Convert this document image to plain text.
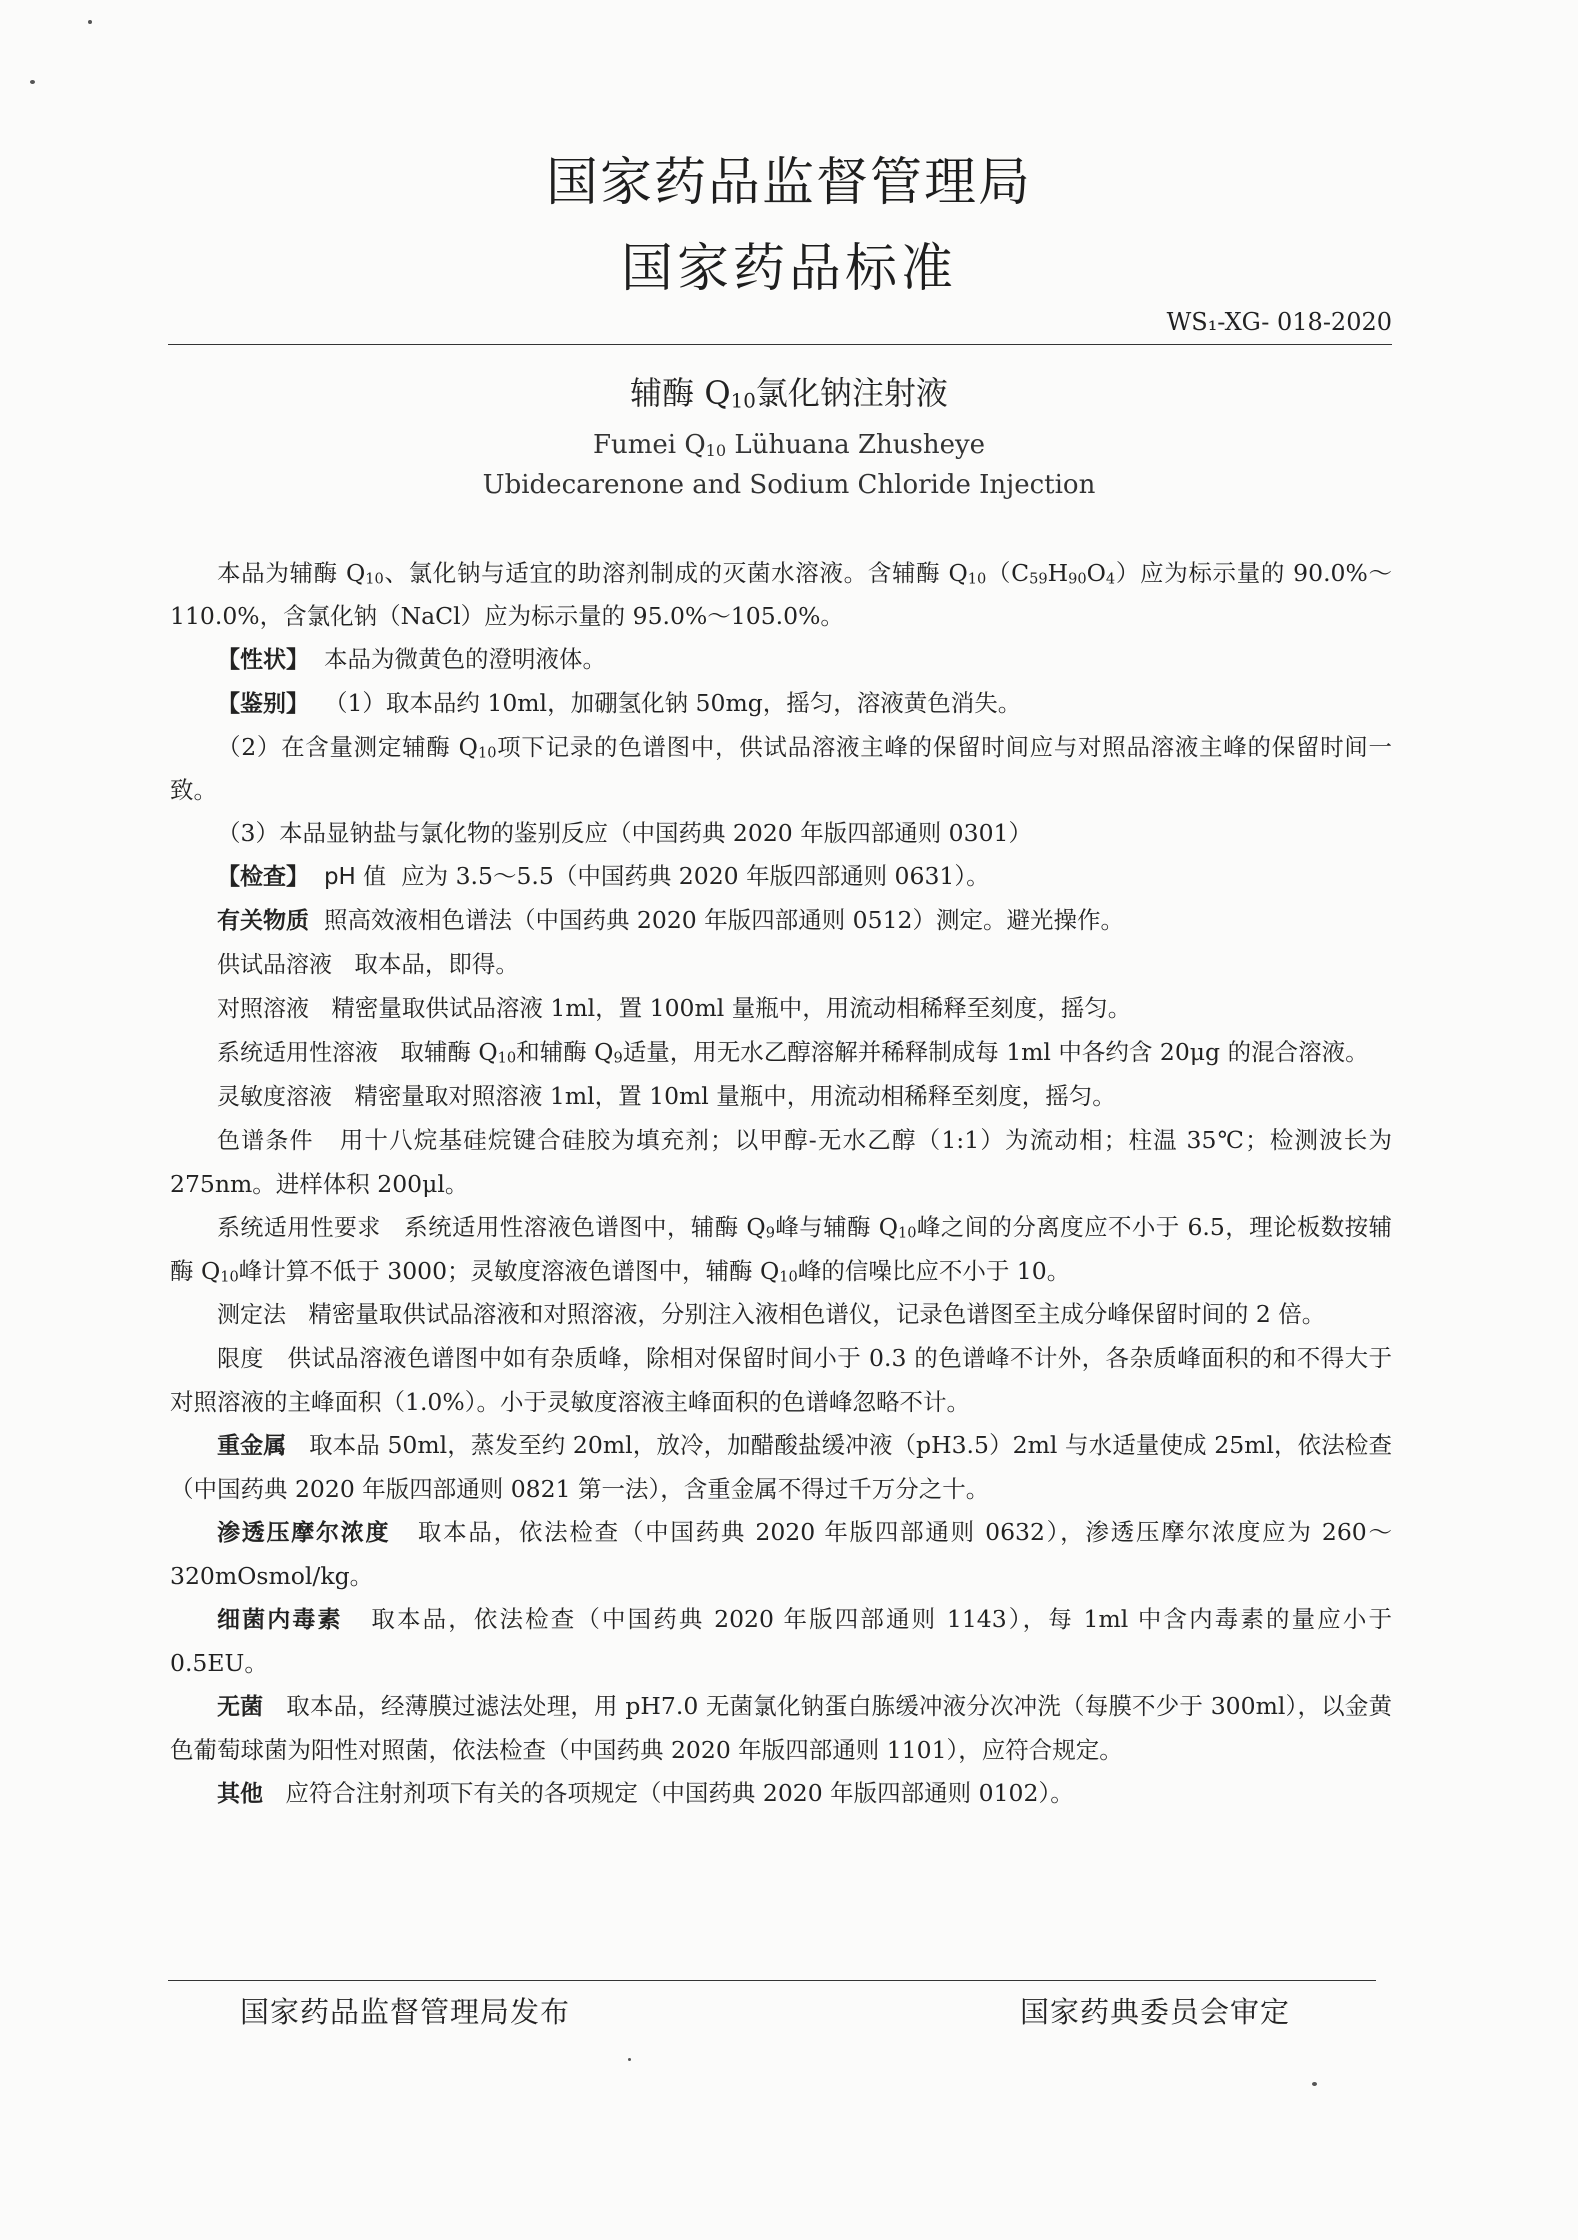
国家药品监督管理局
国家药品标准
WS₁-XG- 018-2020
辅酶 $Q_{10}$氯化钠注射液
Fumei $Q_{10}$ Lühuana Zhusheye
Ubidecarenone and Sodium Chloride Injection

本品为辅酶 $Q_{10}$、氯化钠与适宜的助溶剂制成的灭菌水溶液。含辅酶 $Q_{10}(C_{59}H_{90}O_4)$应为标示量的 90.0%～110.0%，含氯化钠（NaCl）应为标示量的 95.0%～105.0%。

【性状】 本品为微黄色的澄明液体。

【鉴别】 （1）取本品约 10ml，加硼氢化钠 50mg，摇匀，溶液黄色消失。

（2）在含量测定辅酶 $Q_{10}$项下记录的色谱图中，供试品溶液主峰的保留时间应与对照品溶液主峰的保留时间一致。

（3）本品显钠盐与氯化物的鉴别反应（中国药典 2020 年版四部通则 0301）

【检查】 pH 值 应为 3.5～5.5（中国药典 2020 年版四部通则 0631）。

有关物质 照高效液相色谱法（中国药典 2020 年版四部通则 0512）测定。避光操作。

供试品溶液 取本品，即得。

对照溶液 精密量取供试品溶液 1ml，置 100ml 量瓶中，用流动相稀释至刻度，摇匀。

系统适用性溶液 取辅酶 $Q_{10}$和辅酶 $Q_9$适量，用无水乙醇溶解并稀释制成每 1ml 中各约含 20μg 的混合溶液。

灵敏度溶液 精密量取对照溶液 1ml，置 10ml 量瓶中，用流动相稀释至刻度，摇匀。

色谱条件 用十八烷基硅烷键合硅胶为填充剂；以甲醇-无水乙醇（1:1）为流动相；柱温 35℃；检测波长为 275nm。进样体积 200μl。

系统适用性要求 系统适用性溶液色谱图中，辅酶 $Q_9$峰与辅酶 $Q_{10}$峰之间的分离度应不小于 6.5，理论板数按辅酶 $Q_{10}$峰计算不低于 3000；灵敏度溶液色谱图中，辅酶 $Q_{10}$峰的信噪比应不小于 10。

测定法 精密量取供试品溶液和对照溶液，分别注入液相色谱仪，记录色谱图至主成分峰保留时间的 2 倍。

限度 供试品溶液色谱图中如有杂质峰，除相对保留时间小于 0.3 的色谱峰不计外，各杂质峰面积的和不得大于对照溶液的主峰面积（1.0%）。小于灵敏度溶液主峰面积的色谱峰忽略不计。

重金属 取本品 50ml，蒸发至约 20ml，放冷，加醋酸盐缓冲液（pH3.5）2ml 与水适量使成 25ml，依法检查（中国药典 2020 年版四部通则 0821 第一法），含重金属不得过千万分之十。

渗透压摩尔浓度 取本品，依法检查（中国药典 2020 年版四部通则 0632），渗透压摩尔浓度应为 260～320mOsmol/kg。

细菌内毒素 取本品，依法检查（中国药典 2020 年版四部通则 1143），每 1ml 中含内毒素的量应小于 0.5EU。

无菌 取本品，经薄膜过滤法处理，用 pH7.0 无菌氯化钠蛋白胨缓冲液分次冲洗（每膜不少于 300ml），以金黄色葡萄球菌为阳性对照菌，依法检查（中国药典 2020 年版四部通则 1101），应符合规定。

其他 应符合注射剂项下有关的各项规定（中国药典 2020 年版四部通则 0102）。

国家药品监督管理局发布	国家药典委员会审定
